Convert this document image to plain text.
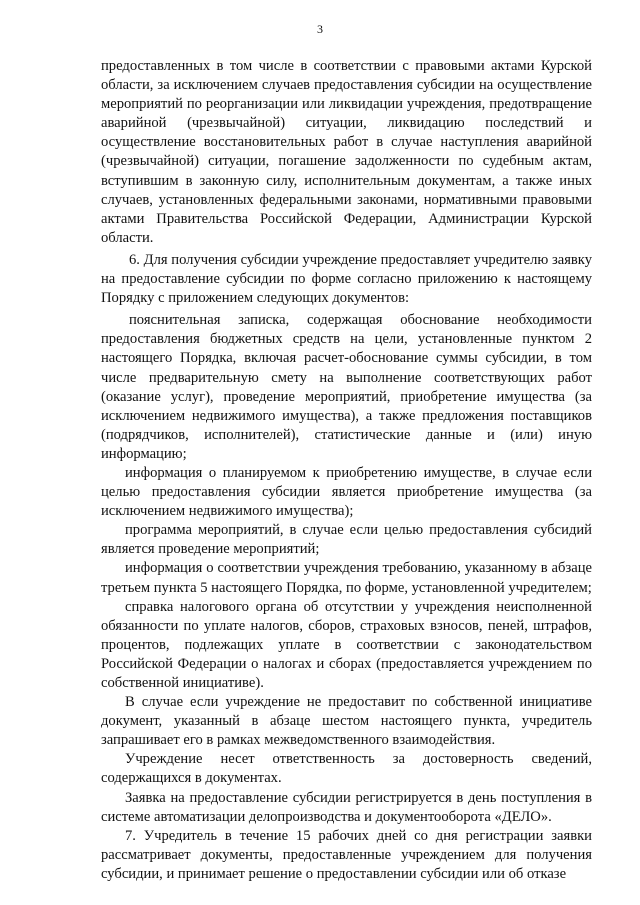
3

предоставленных в том числе в соответствии с правовыми актами Курской области, за исключением случаев предоставления субсидии на осуществление мероприятий по реорганизации или ликвидации учреждения, предотвращение аварийной (чрезвычайной) ситуации, ликвидацию последствий и осуществление восстановительных работ в случае наступления аварийной (чрезвычайной) ситуации, погашение задолженности по судебным актам, вступившим в законную силу, исполнительным документам, а также иных случаев, установленных федеральными законами, нормативными правовыми актами Правительства Российской Федерации, Администрации Курской области.

6. Для получения субсидии учреждение предоставляет учредителю заявку на предоставление субсидии по форме согласно приложению к настоящему Порядку с приложением следующих документов:

пояснительная записка, содержащая обоснование необходимости предоставления бюджетных средств на цели, установленные пунктом 2 настоящего Порядка, включая расчет-обоснование суммы субсидии, в том числе предварительную смету на выполнение соответствующих работ (оказание услуг), проведение мероприятий, приобретение имущества (за исключением недвижимого имущества), а также предложения поставщиков (подрядчиков, исполнителей), статистические данные и (или) иную информацию;

информация о планируемом к приобретению имуществе, в случае если целью предоставления субсидии является приобретение имущества (за исключением недвижимого имущества);

программа мероприятий, в случае если целью предоставления субсидий является проведение мероприятий;

информация о соответствии учреждения требованию, указанному в абзаце третьем пункта 5 настоящего Порядка, по форме, установленной учредителем;

справка налогового органа об отсутствии у учреждения неисполненной обязанности по уплате налогов, сборов, страховых взносов, пеней, штрафов, процентов, подлежащих уплате в соответствии с законодательством Российской Федерации о налогах и сборах (предоставляется учреждением по собственной инициативе).

В случае если учреждение не предоставит по собственной инициативе документ, указанный в абзаце шестом настоящего пункта, учредитель запрашивает его в рамках межведомственного взаимодействия.

Учреждение несет ответственность за достоверность сведений, содержащихся в документах.

Заявка на предоставление субсидии регистрируется в день поступления в системе автоматизации делопроизводства и документооборота «ДЕЛО».

7. Учредитель в течение 15 рабочих дней со дня регистрации заявки рассматривает документы, предоставленные учреждением для получения субсидии, и принимает решение о предоставлении субсидии или об отказе
